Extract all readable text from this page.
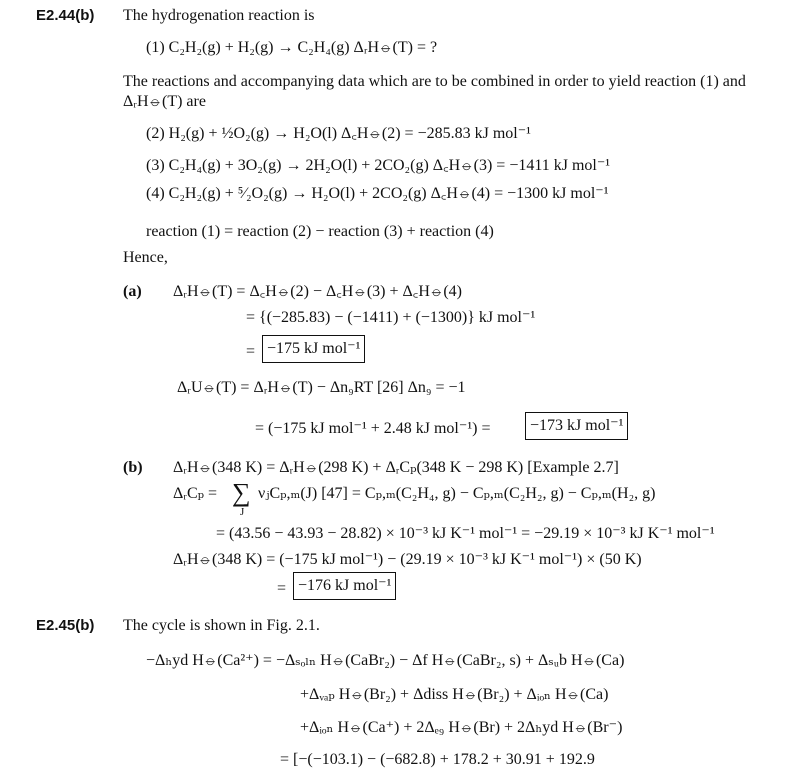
E2.44(b) The hydrogenation reaction is
(1) C₂H₂(g) + H₂(g) → C₂H₄(g) ΔᵣH⦵(T) = ?
The reactions and accompanying data which are to be combined in order to yield reaction (1) and
ΔᵣH⦵(T) are
(2) H₂(g) + ½O₂(g) → H₂O(l) Δ꜀H⦵(2) = −285.83 kJ mol⁻¹
(3) C₂H₄(g) + 3O₂(g) → 2H₂O(l) + 2CO₂(g) Δ꜀H⦵(3) = −1411 kJ mol⁻¹
(4) C₂H₂(g) + ⁵⁄₂O₂(g) → H₂O(l) + 2CO₂(g) Δ꜀H⦵(4) = −1300 kJ mol⁻¹
reaction (1) = reaction (2) − reaction (3) + reaction (4)
Hence,
(a) ΔᵣH⦵(T) = Δ꜀H⦵(2) − Δ꜀H⦵(3) + Δ꜀H⦵(4)
= {(−285.83) − (−1411) + (−1300)} kJ mol⁻¹
= −175 kJ mol⁻¹
ΔᵣU⦵(T) = ΔᵣH⦵(T) − Δn₉RT [26] Δn₉ = −1
= (−175 kJ mol⁻¹ + 2.48 kJ mol⁻¹) =	−173 kJ mol⁻¹
(b) ΔᵣH⦵(348 K) = ΔᵣH⦵(298 K) + ΔᵣCₚ(348 K − 298 K) [Example 2.7]
ΔᵣCₚ = ∑
J
νⱼCₚ,ₘ(J) [47] = Cₚ,ₘ(C₂H₄, g) − Cₚ,ₘ(C₂H₂, g) − Cₚ,ₘ(H₂, g)
= (43.56 − 43.93 − 28.82) × 10⁻³ kJ K⁻¹ mol⁻¹ = −29.19 × 10⁻³ kJ K⁻¹ mol⁻¹
ΔᵣH⦵(348 K) = (−175 kJ mol⁻¹) − (29.19 × 10⁻³ kJ K⁻¹ mol⁻¹) × (50 K)
= −176 kJ mol⁻¹
E2.45(b) The cycle is shown in Fig. 2.1.
−Δₕyd H⦵(Ca²⁺) = −Δₛₒₗₙ H⦵(CaBr₂) − Δf H⦵(CaBr₂, s) + Δₛᵤb H⦵(Ca)
+Δᵥₐₚ H⦵(Br₂) + Δdiss H⦵(Br₂) + Δᵢₒₙ H⦵(Ca)
+Δᵢₒₙ H⦵(Ca⁺) + 2Δₑ₉ H⦵(Br) + 2Δₕyd H⦵(Br⁻)
= [−(−103.1) − (−682.8) + 178.2 + 30.91 + 192.9
